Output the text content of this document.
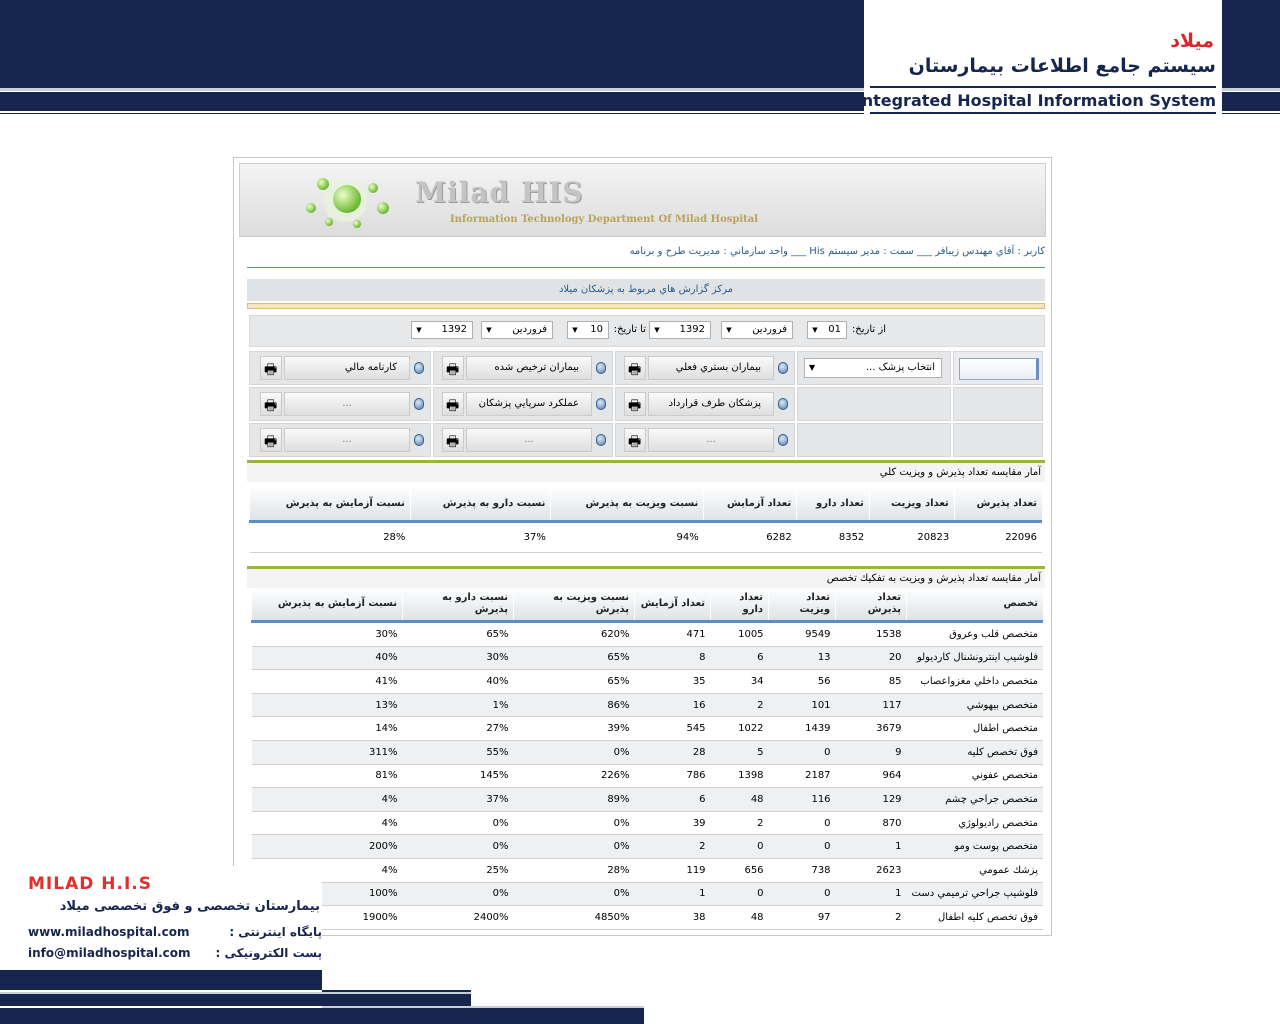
میلاد
سیستم جامع اطلاعات بیمارستان
Integrated Hospital Information System
Milad HIS
Information Technology Department Of Milad Hospital
كاربر : آقاي مهندس زيبافر ___ سمت : مدير سيستم His ___ واحد سازماني : مديريت طرح و برنامه
مركز گزارش هاي مربوط به پزشكان ميلاد
از تاريخ:
▼	01
▼	فروردين
▼	1392
تا تاريخ:
▼	10
▼	فروردين
▼	1392
انتخاب پزشک ...
▼
بيماران بستري فعلي
🖶
بيماران ترخيص شده
🖶
كارنامه مالي
🖶
پزشكان طرف قرارداد
🖶
عملكرد سرپايي پزشكان
🖶
...
🖶
...
🖶
...
🖶
...
🖶
آمار مقايسه تعداد پذيرش و ويزيت كلي
تعداد پذيرش	تعداد ويزيت	تعداد دارو	تعداد آزمايش	نسبت ويزيت به پذيرش	نسبت دارو به پذيرش	نسبت آزمايش به پذيرش
22096	20823	8352	6282	94%	37%	28%
آمار مقايسه تعداد پذيرش و ويزيت به تفكيك تخصص
تخصص	تعداد پذيرش	تعداد ويزيت	تعداد دارو	تعداد آزمايش	نسبت ويزيت به پذيرش	نسبت دارو به پذيرش	نسبت آزمايش به پذيرش
متخصص قلب وعروق	1538	9549	1005	471	620%	65%	30%
فلوشيپ اينترونشنال كارديولو	20	13	6	8	65%	30%	40%
متخصص داخلي مغزواعصاب	85	56	34	35	65%	40%	41%
متخصص بيهوشي	117	101	2	16	86%	1%	13%
متخصص اطفال	3679	1439	1022	545	39%	27%	14%
فوق تخصص كليه	9	0	5	28	0%	55%	311%
متخصص عفوني	964	2187	1398	786	226%	145%	81%
متخصص جراحي چشم	129	116	48	6	89%	37%	4%
متخصص راديولوژي	870	0	2	39	0%	0%	4%
متخصص پوست ومو	1	0	0	2	0%	0%	200%
پزشك عمومي	2623	738	656	119	28%	25%	4%
فلوشيپ جراحي ترميمي دست	1	0	0	1	0%	0%	100%
فوق تخصص كليه اطفال	2	97	48	38	4850%	2400%	1900%
MILAD H.I.S
بیمارستان تخصصی و فوق تخصصی میلاد
www.miladhospital.com	پایگاه اینترنتی :
info@miladhospital.com پست الکترونیکی :
